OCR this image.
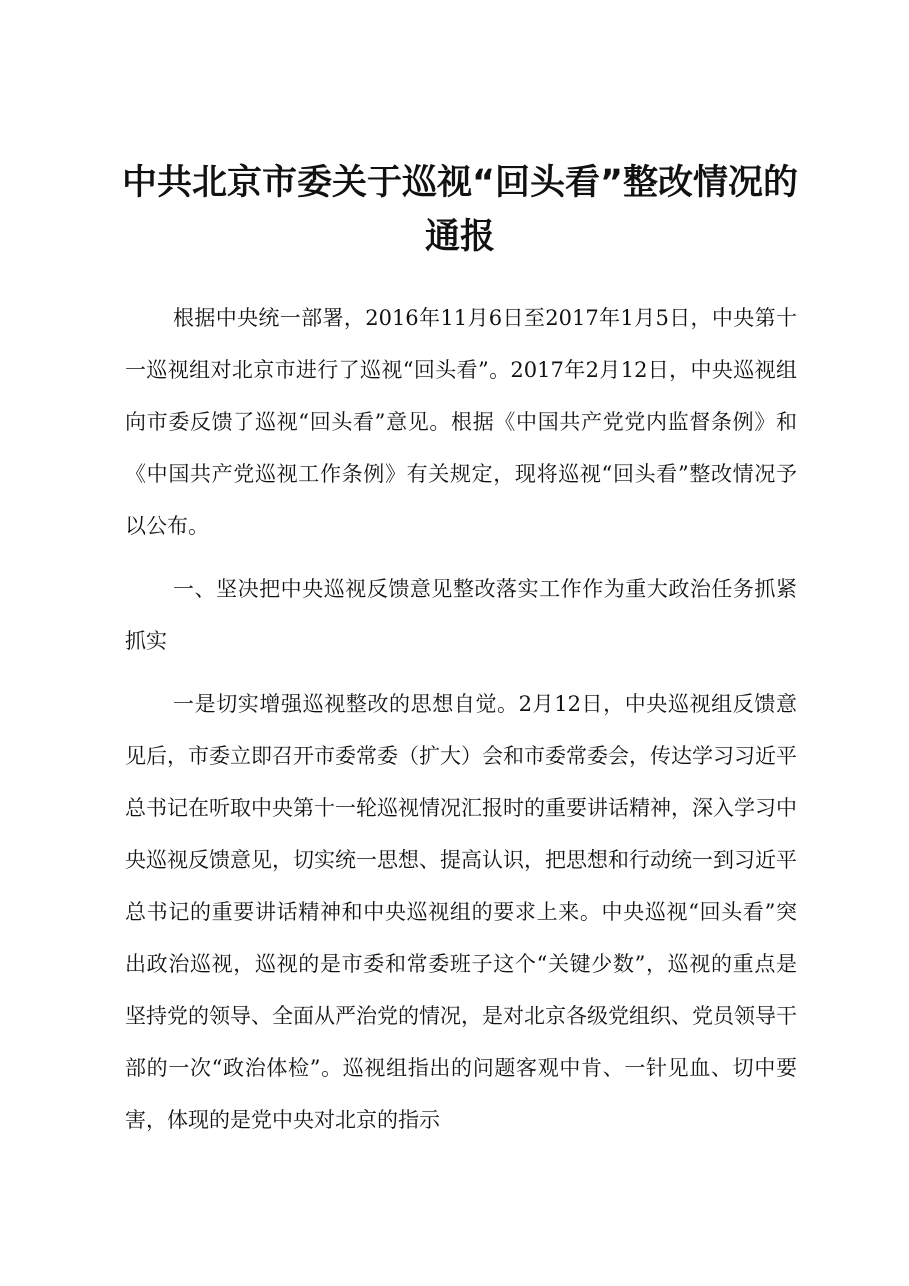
中共北京市委关于巡视“回头看”整改情况的
通报

根据中央统一部署，2016年11月6日至2017年1月5日，中央第十一巡视组对北京市进行了巡视“回头看”。2017年2月12日，中央巡视组向市委反馈了巡视“回头看”意见。根据《中国共产党党内监督条例》和《中国共产党巡视工作条例》有关规定，现将巡视“回头看”整改情况予以公布。

一、坚决把中央巡视反馈意见整改落实工作作为重大政治任务抓紧抓实

一是切实增强巡视整改的思想自觉。2月12日，中央巡视组反馈意见后，市委立即召开市委常委（扩大）会和市委常委会，传达学习习近平总书记在听取中央第十一轮巡视情况汇报时的重要讲话精神，深入学习中央巡视反馈意见，切实统一思想、提高认识，把思想和行动统一到习近平总书记的重要讲话精神和中央巡视组的要求上来。中央巡视“回头看”突出政治巡视，巡视的是市委和常委班子这个“关键少数”，巡视的重点是坚持党的领导、全面从严治党的情况，是对北京各级党组织、党员领导干部的一次“政治体检”。巡视组指出的问题客观中肯、一针见血、切中要害，体现的是党中央对北京的指示
